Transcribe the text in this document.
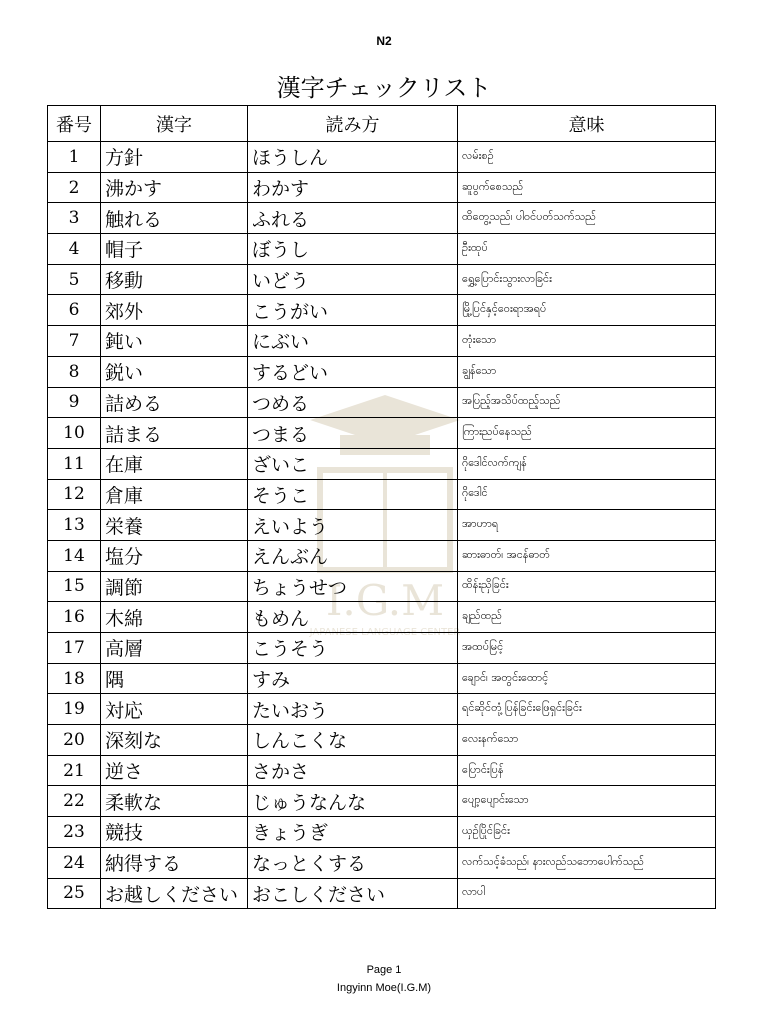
N2
漢字チェックリスト
I.G.M
JAPANESE LANGUAGE CENTER
番号	漢字	読み方	意味
1	方針	ほうしん	လမ်းစဉ်
2	沸かす	わかす	ဆူပွက်စေသည်
3	触れる	ふれる	ထိတွေ့သည်၊ ပါဝင်ပတ်သက်သည်
4	帽子	ぼうし	ဦးထုပ်
5	移動	いどう	ရွှေ့ပြောင်းသွားလာခြင်း
6	郊外	こうがい	မြို့ပြင်နှင့်ဝေးရာအရပ်
7	鈍い	にぶい	တုံးသော
8	鋭い	するどい	ချွန်သော
9	詰める	つめる	အပြည့်အသိပ်ထည့်သည်
10	詰まる	つまる	ကြားညပ်နေသည်
11	在庫	ざいこ	ဂိုဒေါင်လက်ကျန်
12	倉庫	そうこ	ဂိုဒေါင်
13	栄養	えいよう	အာဟာရ
14	塩分	えんぶん	ဆားဓာတ်၊ အငန်ဓာတ်
15	調節	ちょうせつ	ထိန်းညှိခြင်း
16	木綿	もめん	ချည်ထည်
17	高層	こうそう	အထပ်မြင့်
18	隅	すみ	ချောင်၊ အတွင်းထောင့်
19	対応	たいおう	ရင်ဆိုင်တုံ့ပြန်ခြင်းဖြေရှင်းခြင်း
20	深刻な	しんこくな	လေးနက်သော
21	逆さ	さかさ	ပြောင်းပြန်
22	柔軟な	じゅうなんな	ပျော့ပျောင်းသော
23	競技	きょうぎ	ယှဉ်ပြိုင်ခြင်း
24	納得する	なっとくする	လက်သင့်ခံသည်၊ နားလည်သဘောပေါက်သည်
25	お越しください	おこしください	လာပါ
Page 1
Ingyinn Moe(I.G.M)
